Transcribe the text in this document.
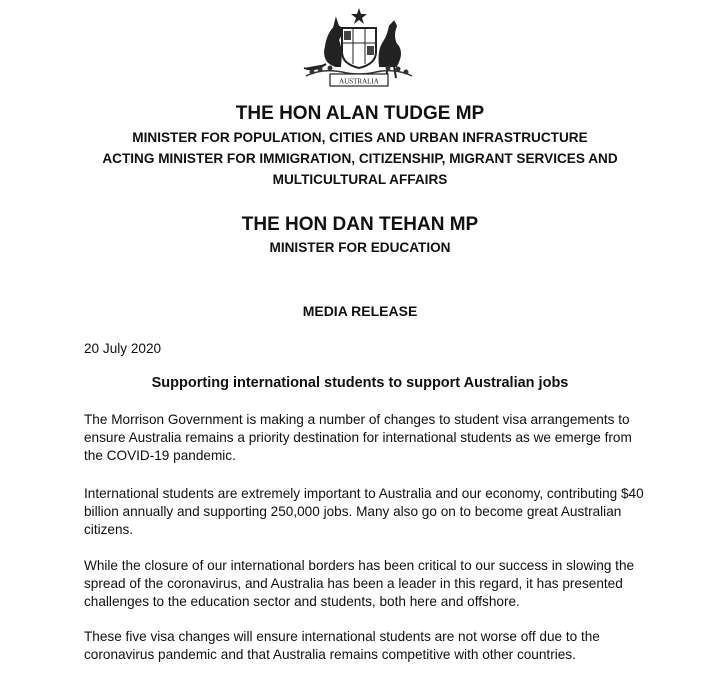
AUSTRALIA
THE HON ALAN TUDGE MP
MINISTER FOR POPULATION, CITIES AND URBAN INFRASTRUCTURE
ACTING MINISTER FOR IMMIGRATION, CITIZENSHIP, MIGRANT SERVICES AND
MULTICULTURAL AFFAIRS
THE HON DAN TEHAN MP
MINISTER FOR EDUCATION
MEDIA RELEASE
20 July 2020
Supporting international students to support Australian jobs
The Morrison Government is making a number of changes to student visa arrangements to ensure Australia remains a priority destination for international students as we emerge from the COVID-19 pandemic.
International students are extremely important to Australia and our economy, contributing $40 billion annually and supporting 250,000 jobs. Many also go on to become great Australian citizens.
While the closure of our international borders has been critical to our success in slowing the spread of the coronavirus, and Australia has been a leader in this regard, it has presented challenges to the education sector and students, both here and offshore.
These five visa changes will ensure international students are not worse off due to the coronavirus pandemic and that Australia remains competitive with other countries.
